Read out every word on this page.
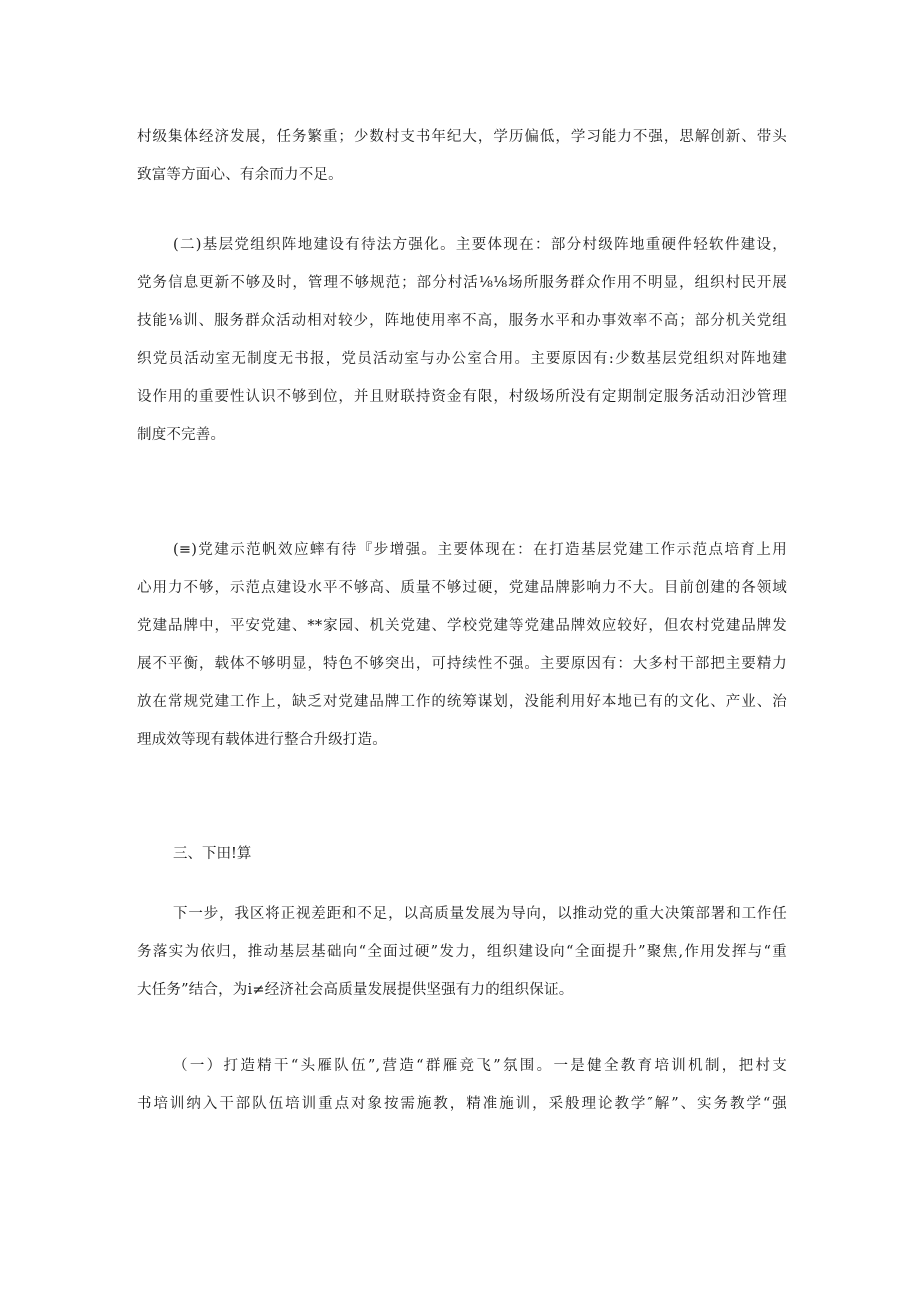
村级集体经济发展，任务繁重；少数村支书年纪大，学历偏低，学习能力不强，思解创新、带头
致富等方面心、有余而力不足。
(二)基层党组织阵地建设有待法方强化。主要体现在：部分村级阵地重硬件轻软件建设，
党务信息更新不够及时，管理不够规范；部分村活⅛⅛场所服务群众作用不明显，组织村民开展
技能⅛训、服务群众活动相对较少，阵地使用率不高，服务水平和办事效率不高；部分机关党组
织党员活动室无制度无书报，党员活动室与办公室合用。主要原因有:少数基层党组织对阵地建
设作用的重要性认识不够到位，并且财联持资金有限，村级场所没有定期制定服务活动汨沙管理
制度不完善。
(≡)党建示范帆效应蟀有待『步增强。主要体现在：在打造基层党建工作示范点培育上用
心用力不够，示范点建设水平不够高、质量不够过硬，党建品牌影响力不大。目前创建的各领域
党建品牌中，平安党建、**家园、机关党建、学校党建等党建品牌效应较好，但农村党建品牌发
展不平衡，载体不够明显，特色不够突出，可持续性不强。主要原因有：大多村干部把主要精力
放在常规党建工作上，缺乏对党建品牌工作的统筹谋划，没能利用好本地已有的文化、产业、治
理成效等现有载体进行整合升级打造。
三、下田!算
下一步，我区将正视差距和不足，以高质量发展为导向，以推动党的重大决策部署和工作任
务落实为依归，推动基层基础向“全面过硬”发力，组织建设向“全面提升”聚焦,作用发挥与“重
大任务”结合，为i≠经济社会高质量发展提供坚强有力的组织保证。
（一）打造精干“头雁队伍”,营造“群雁竞飞”氛围。一是健全教育培训机制，把村支
书培训纳入干部队伍培训重点对象按需施教，精准施训，采般理论教学″解”、实务教学“强
